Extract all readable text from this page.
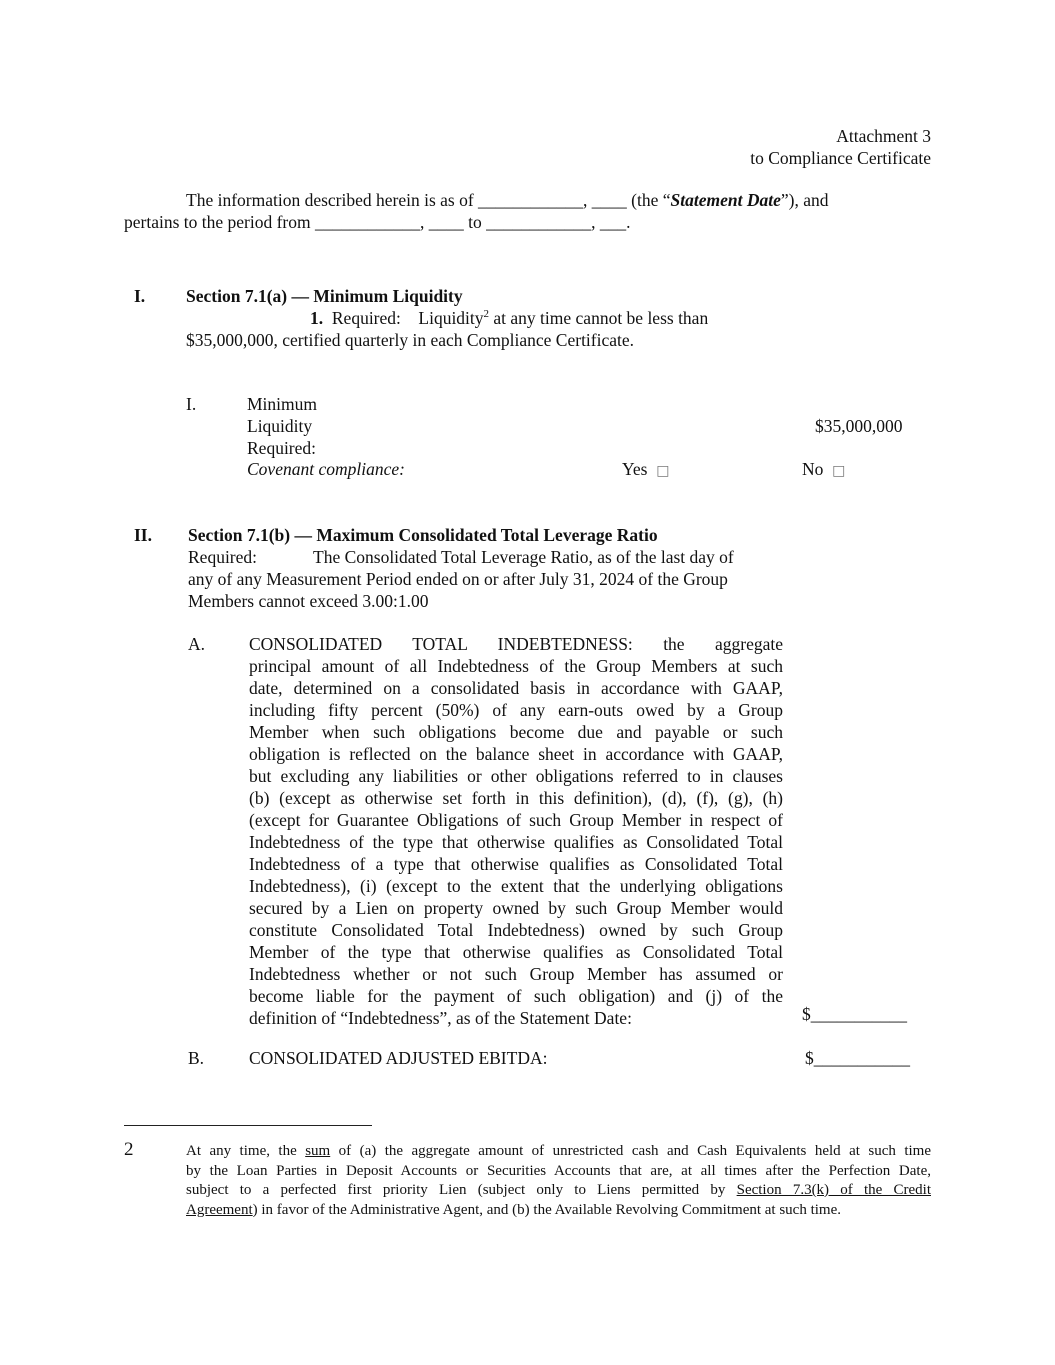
Attachment 3
to Compliance Certificate
The information described herein is as of ____________, ____ (the “Statement Date”), and
pertains to the period from ____________, ____ to ____________, ___.
I. Section 7.1(a) — Minimum Liquidity
1. Required: Liquidity$^2$ at any time cannot be less than
$35,000,000, certified quarterly in each Compliance Certificate.
I.	Minimum
Liquidity
Required:
$35,000,000
Covenant compliance:	Yes □	No □
II. Section 7.1(b) — Maximum Consolidated Total Leverage Ratio
Required:	The Consolidated Total Leverage Ratio, as of the last day of
any of any Measurement Period ended on or after July 31, 2024 of the Group
Members cannot exceed 3.00:1.00
A.	CONSOLIDATED TOTAL INDEBTEDNESS: the aggregate
principal amount of all Indebtedness of the Group Members at such
date, determined on a consolidated basis in accordance with GAAP,
including fifty percent (50%) of any earn-outs owed by a Group
Member when such obligations become due and payable or such
obligation is reflected on the balance sheet in accordance with GAAP,
but excluding any liabilities or other obligations referred to in clauses
(b) (except as otherwise set forth in this definition), (d), (f), (g), (h)
(except for Guarantee Obligations of such Group Member in respect of
Indebtedness of the type that otherwise qualifies as Consolidated Total
Indebtedness of a type that otherwise qualifies as Consolidated Total
Indebtedness), (i) (except to the extent that the underlying obligations
secured by a Lien on property owned by such Group Member would
constitute Consolidated Total Indebtedness) owned by such Group
Member of the type that otherwise qualifies as Consolidated Total
Indebtedness whether or not such Group Member has assumed or
become liable for the payment of such obligation) and (j) of the
definition of “Indebtedness”, as of the Statement Date:	$___________
B.	CONSOLIDATED ADJUSTED EBITDA:	$___________
2	At any time, the sum of (a) the aggregate amount of unrestricted cash and Cash Equivalents held at such time
by the Loan Parties in Deposit Accounts or Securities Accounts that are, at all times after the Perfection Date,
subject to a perfected first priority Lien (subject only to Liens permitted by Section 7.3(k) of the Credit
Agreement) in favor of the Administrative Agent, and (b) the Available Revolving Commitment at such time.
